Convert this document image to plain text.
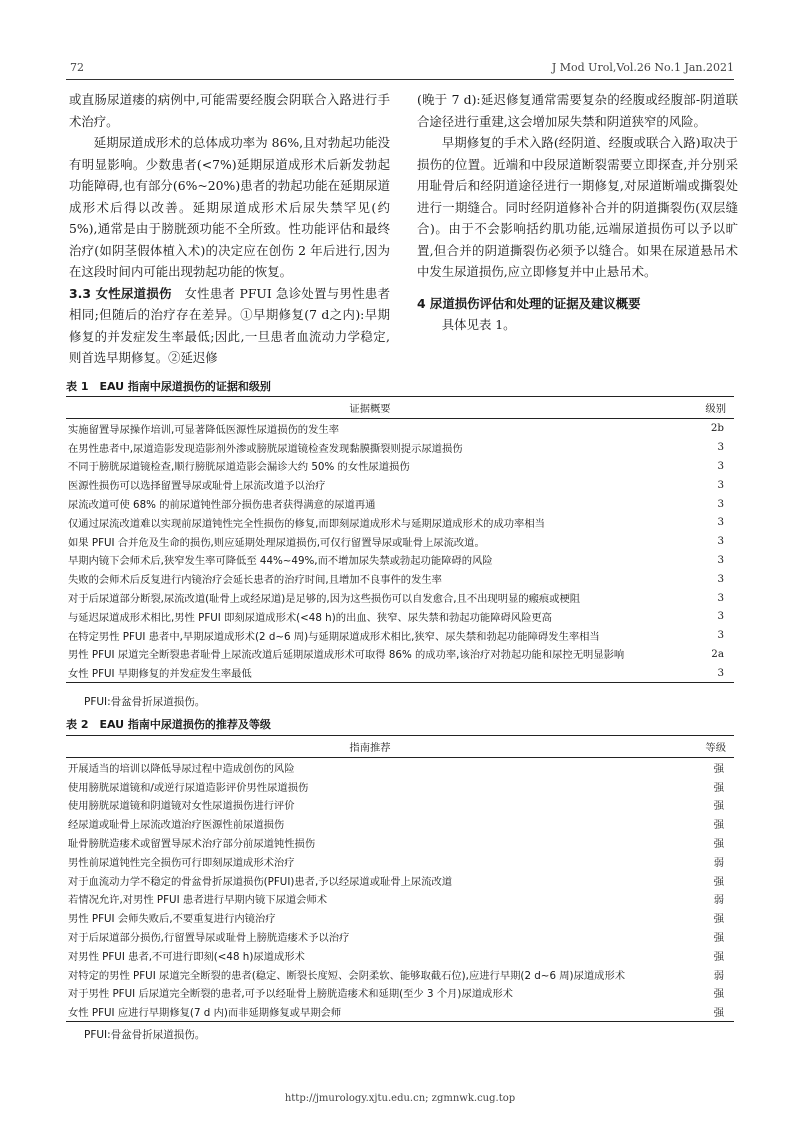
72	J Mod Urol,Vol.26 No.1 Jan.2021

或直肠尿道瘘的病例中,可能需要经腹会阴联合入路进行手术治疗。

延期尿道成形术的总体成功率为 86%,且对勃起功能没有明显影响。少数患者(<7%)延期尿道成形术后新发勃起功能障碍,也有部分(6%~20%)患者的勃起功能在延期尿道成形术后得以改善。延期尿道成形术后尿失禁罕见(约 5%),通常是由于膀胱颈功能不全所致。性功能评估和最终治疗(如阴茎假体植入术)的决定应在创伤 2 年后进行,因为在这段时间内可能出现勃起功能的恢复。

3.3 女性尿道损伤  女性患者 PFUI 急诊处置与男性患者相同;但随后的治疗存在差异。①早期修复(7 d之内):早期修复的并发症发生率最低;因此,一旦患者血流动力学稳定,则首选早期修复。②延迟修

(晚于 7 d):延迟修复通常需要复杂的经腹或经腹部-阴道联合途径进行重建,这会增加尿失禁和阴道狭窄的风险。

早期修复的手术入路(经阴道、经腹或联合入路)取决于损伤的位置。近端和中段尿道断裂需要立即探查,并分别采用耻骨后和经阴道途径进行一期修复,对尿道断端或撕裂处进行一期缝合。同时经阴道修补合并的阴道撕裂伤(双层缝合)。由于不会影响括约肌功能,远端尿道损伤可以予以旷置,但合并的阴道撕裂伤必须予以缝合。如果在尿道悬吊术中发生尿道损伤,应立即修复并中止悬吊术。

4 尿道损伤评估和处理的证据及建议概要

具体见表 1。

表 1  EAU 指南中尿道损伤的证据和级别
证据概要	级别
实施留置导尿操作培训,可显著降低医源性尿道损伤的发生率	2b
在男性患者中,尿道造影发现造影剂外渗或膀胱尿道镜检查发现黏膜撕裂则提示尿道损伤	3
不同于膀胱尿道镜检查,顺行膀胱尿道造影会漏诊大约 50% 的女性尿道损伤	3
医源性损伤可以选择留置导尿或耻骨上尿流改道予以治疗	3
尿流改道可使 68% 的前尿道钝性部分损伤患者获得满意的尿道再通	3
仅通过尿流改道难以实现前尿道钝性完全性损伤的修复,而即刻尿道成形术与延期尿道成形术的成功率相当	3
如果 PFUI 合并危及生命的损伤,则应延期处理尿道损伤,可仅行留置导尿或耻骨上尿流改道。	3
早期内镜下会师术后,狭窄发生率可降低至 44%~49%,而不增加尿失禁或勃起功能障碍的风险	3
失败的会师术后反复进行内镜治疗会延长患者的治疗时间,且增加不良事件的发生率	3
对于后尿道部分断裂,尿流改道(耻骨上或经尿道)是足够的,因为这些损伤可以自发愈合,且不出现明显的瘢痕或梗阻	3
与延迟尿道成形术相比,男性 PFUI 即刻尿道成形术(<48 h)的出血、狭窄、尿失禁和勃起功能障碍风险更高	3
在特定男性 PFUI 患者中,早期尿道成形术(2 d~6 周)与延期尿道成形术相比,狭窄、尿失禁和勃起功能障碍发生率相当	3
男性 PFUI 尿道完全断裂患者耻骨上尿流改道后延期尿道成形术可取得 86% 的成功率,该治疗对勃起功能和尿控无明显影响	2a
女性 PFUI 早期修复的并发症发生率最低	3
PFUI:骨盆骨折尿道损伤。
表 2  EAU 指南中尿道损伤的推荐及等级
指南推荐	等级
开展适当的培训以降低导尿过程中造成创伤的风险	强
使用膀胱尿道镜和/或逆行尿道造影评价男性尿道损伤	强
使用膀胱尿道镜和阴道镜对女性尿道损伤进行评价	强
经尿道或耻骨上尿流改道治疗医源性前尿道损伤	强
耻骨膀胱造瘘术或留置导尿术治疗部分前尿道钝性损伤	强
男性前尿道钝性完全损伤可行即刻尿道成形术治疗	弱
对于血流动力学不稳定的骨盆骨折尿道损伤(PFUI)患者,予以经尿道或耻骨上尿流改道	强
若情况允许,对男性 PFUI 患者进行早期内镜下尿道会师术	弱
男性 PFUI 会师失败后,不要重复进行内镜治疗	强
对于后尿道部分损伤,行留置导尿或耻骨上膀胱造瘘术予以治疗	强
对男性 PFUI 患者,不可进行即刻(<48 h)尿道成形术	强
对特定的男性 PFUI 尿道完全断裂的患者(稳定、断裂长度短、会阴柔软、能够取截石位),应进行早期(2 d~6 周)尿道成形术	弱
对于男性 PFUI 后尿道完全断裂的患者,可予以经耻骨上膀胱造瘘术和延期(至少 3 个月)尿道成形术	强
女性 PFUI 应进行早期修复(7 d 内)而非延期修复或早期会师	强
PFUI:骨盆骨折尿道损伤。
http://jmurology.xjtu.edu.cn; zgmnwk.cug.top
